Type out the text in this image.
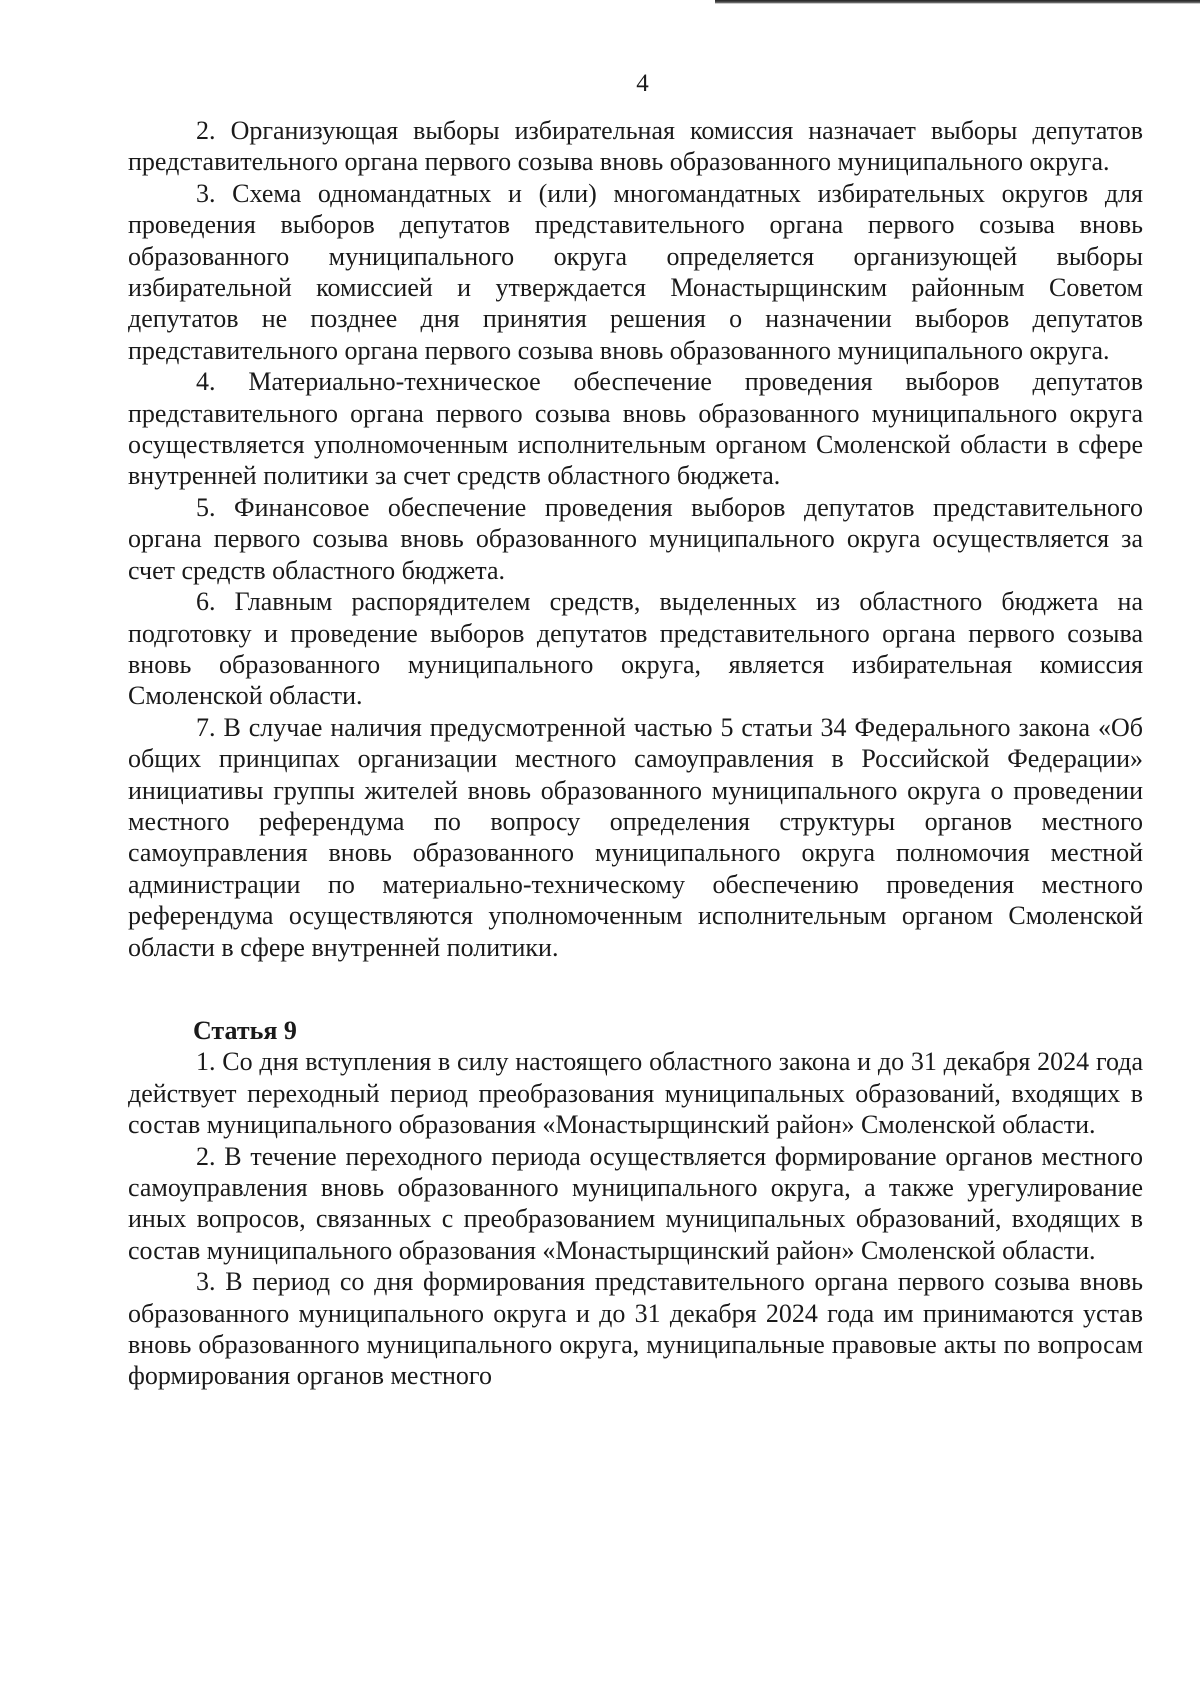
4

2. Организующая выборы избирательная комиссия назначает выборы депутатов представительного органа первого созыва вновь образованного муниципального округа.

3. Схема одномандатных и (или) многомандатных избирательных округов для проведения выборов депутатов представительного органа первого созыва вновь образованного муниципального округа определяется организующей выборы избирательной комиссией и утверждается Монастырщинским районным Советом депутатов не позднее дня принятия решения о назначении выборов депутатов представительного органа первого созыва вновь образованного муниципального округа.

4. Материально-техническое обеспечение проведения выборов депутатов представительного органа первого созыва вновь образованного муниципального округа осуществляется уполномоченным исполнительным органом Смоленской области в сфере внутренней политики за счет средств областного бюджета.

5. Финансовое обеспечение проведения выборов депутатов представительного органа первого созыва вновь образованного муниципального округа осуществляется за счет средств областного бюджета.

6. Главным распорядителем средств, выделенных из областного бюджета на подготовку и проведение выборов депутатов представительного органа первого созыва вновь образованного муниципального округа, является избирательная комиссия Смоленской области.

7. В случае наличия предусмотренной частью 5 статьи 34 Федерального закона «Об общих принципах организации местного самоуправления в Российской Федерации» инициативы группы жителей вновь образованного муниципального округа о проведении местного референдума по вопросу определения структуры органов местного самоуправления вновь образованного муниципального округа полномочия местной администрации по материально-техническому обеспечению проведения местного референдума осуществляются уполномоченным исполнительным органом Смоленской области в сфере внутренней политики.

Статья 9

1. Со дня вступления в силу настоящего областного закона и до 31 декабря 2024 года действует переходный период преобразования муниципальных образований, входящих в состав муниципального образования «Монастырщинский район» Смоленской области.

2. В течение переходного периода осуществляется формирование органов местного самоуправления вновь образованного муниципального округа, а также урегулирование иных вопросов, связанных с преобразованием муниципальных образований, входящих в состав муниципального образования «Монастырщинский район» Смоленской области.

3. В период со дня формирования представительного органа первого созыва вновь образованного муниципального округа и до 31 декабря 2024 года им принимаются устав вновь образованного муниципального округа, муниципальные правовые акты по вопросам формирования органов местного
